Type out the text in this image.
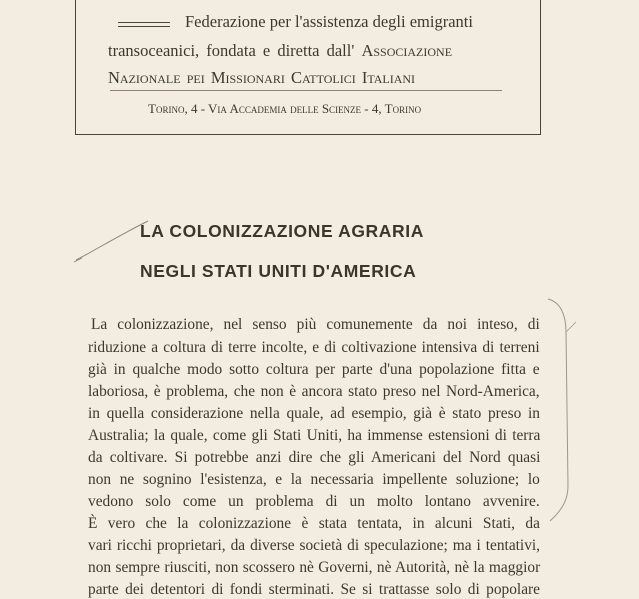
Federazione per l'assistenza degli emigranti
transoceanici, fondata e diretta dall' Associazione
Nazionale pei Missionari Cattolici Italiani
Torino, 4 - Via Accademia delle Scienze - 4, Torino
LA COLONIZZAZIONE AGRARIA
NEGLI STATI UNITI D'AMERICA
La colonizzazione, nel senso più comunemente da noi inteso, di
riduzione a coltura di terre incolte, e di coltivazione intensiva di terreni
già in qualche modo sotto coltura per parte d'una popolazione fitta e
laboriosa, è problema, che non è ancora stato preso nel Nord-America,
in quella considerazione nella quale, ad esempio, già è stato preso in
Australia; la quale, come gli Stati Uniti, ha immense estensioni di terra
da coltivare. Si potrebbe anzi dire che gli Americani del Nord quasi
non ne sognino l'esistenza, e la necessaria impellente soluzione; lo
vedono solo come un problema di un molto lontano avvenire.
È vero che la colonizzazione è stata tentata, in alcuni Stati, da
vari ricchi proprietari, da diverse società di speculazione; ma i tentativi,
non sempre riusciti, non scossero nè Governi, nè Autorità, nè la maggior
parte dei detentori di fondi sterminati. Se si trattasse solo di popolare
